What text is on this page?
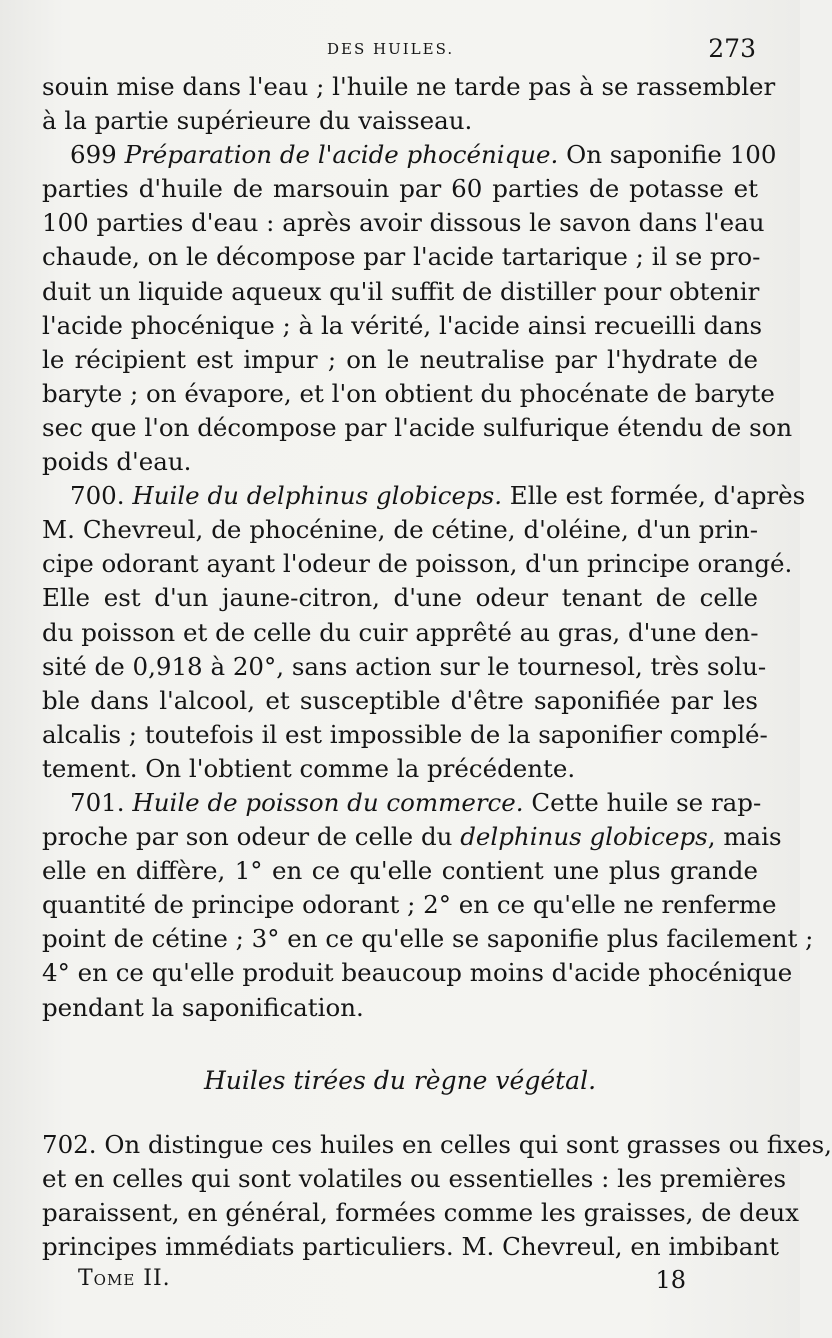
DES HUILES.	273
souin mise dans l'eau ; l'huile ne tarde pas à se rassembler
à la partie supérieure du vaisseau.
699 Préparation de l'acide phocénique. On saponifie 100
parties d'huile de marsouin par 60 parties de potasse et
100 parties d'eau : après avoir dissous le savon dans l'eau
chaude, on le décompose par l'acide tartarique ; il se pro-
duit un liquide aqueux qu'il suffit de distiller pour obtenir
l'acide phocénique ; à la vérité, l'acide ainsi recueilli dans
le récipient est impur ; on le neutralise par l'hydrate de
baryte ; on évapore, et l'on obtient du phocénate de baryte
sec que l'on décompose par l'acide sulfurique étendu de son
poids d'eau.
700. Huile du delphinus globiceps. Elle est formée, d'après
M. Chevreul, de phocénine, de cétine, d'oléine, d'un prin-
cipe odorant ayant l'odeur de poisson, d'un principe orangé.
Elle est d'un jaune-citron, d'une odeur tenant de celle
du poisson et de celle du cuir apprêté au gras, d'une den-
sité de 0,918 à 20°, sans action sur le tournesol, très solu-
ble dans l'alcool, et susceptible d'être saponifiée par les
alcalis ; toutefois il est impossible de la saponifier complé-
tement. On l'obtient comme la précédente.
701. Huile de poisson du commerce. Cette huile se rap-
proche par son odeur de celle du delphinus globiceps, mais
elle en diffère, 1° en ce qu'elle contient une plus grande
quantité de principe odorant ; 2° en ce qu'elle ne renferme
point de cétine ; 3° en ce qu'elle se saponifie plus facilement ;
4° en ce qu'elle produit beaucoup moins d'acide phocénique
pendant la saponification.
Huiles tirées du règne végétal.
702. On distingue ces huiles en celles qui sont grasses ou fixes,
et en celles qui sont volatiles ou essentielles : les premières
paraissent, en général, formées comme les graisses, de deux
principes immédiats particuliers. M. Chevreul, en imbibant
Tome II.	18
